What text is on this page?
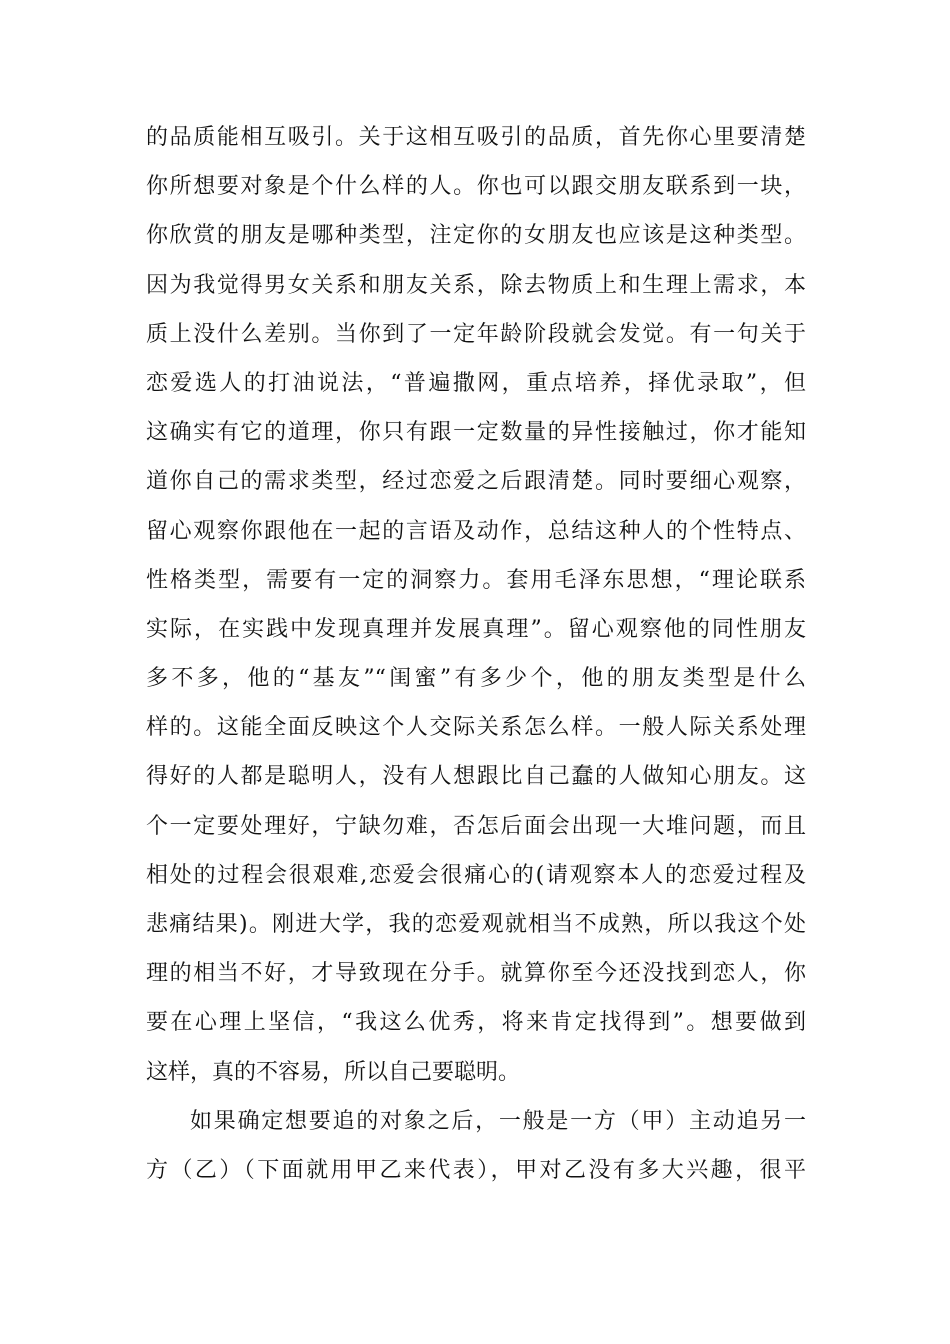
的品质能相互吸引。关于这相互吸引的品质，首先你心里要清楚
你所想要对象是个什么样的人。你也可以跟交朋友联系到一块，
你欣赏的朋友是哪种类型，注定你的女朋友也应该是这种类型。
因为我觉得男女关系和朋友关系，除去物质上和生理上需求，本
质上没什么差别。当你到了一定年龄阶段就会发觉。有一句关于
恋爱选人的打油说法，“普遍撒网，重点培养，择优录取”，但
这确实有它的道理，你只有跟一定数量的异性接触过，你才能知
道你自己的需求类型，经过恋爱之后跟清楚。同时要细心观察，
留心观察你跟他在一起的言语及动作，总结这种人的个性特点、
性格类型，需要有一定的洞察力。套用毛泽东思想，“理论联系
实际，在实践中发现真理并发展真理”。留心观察他的同性朋友
多不多，他的“基友”“闺蜜”有多少个，他的朋友类型是什么
样的。这能全面反映这个人交际关系怎么样。一般人际关系处理
得好的人都是聪明人，没有人想跟比自己蠢的人做知心朋友。这
个一定要处理好，宁缺勿难，否怎后面会出现一大堆问题，而且
相处的过程会很艰难,恋爱会很痛心的(请观察本人的恋爱过程及
悲痛结果)。刚进大学，我的恋爱观就相当不成熟，所以我这个处
理的相当不好，才导致现在分手。就算你至今还没找到恋人，你
要在心理上坚信，“我这么优秀，将来肯定找得到”。想要做到
这样，真的不容易，所以自己要聪明。
如果确定想要追的对象之后，一般是一方（甲）主动追另一
方（乙）（下面就用甲乙来代表），甲对乙没有多大兴趣，很平
